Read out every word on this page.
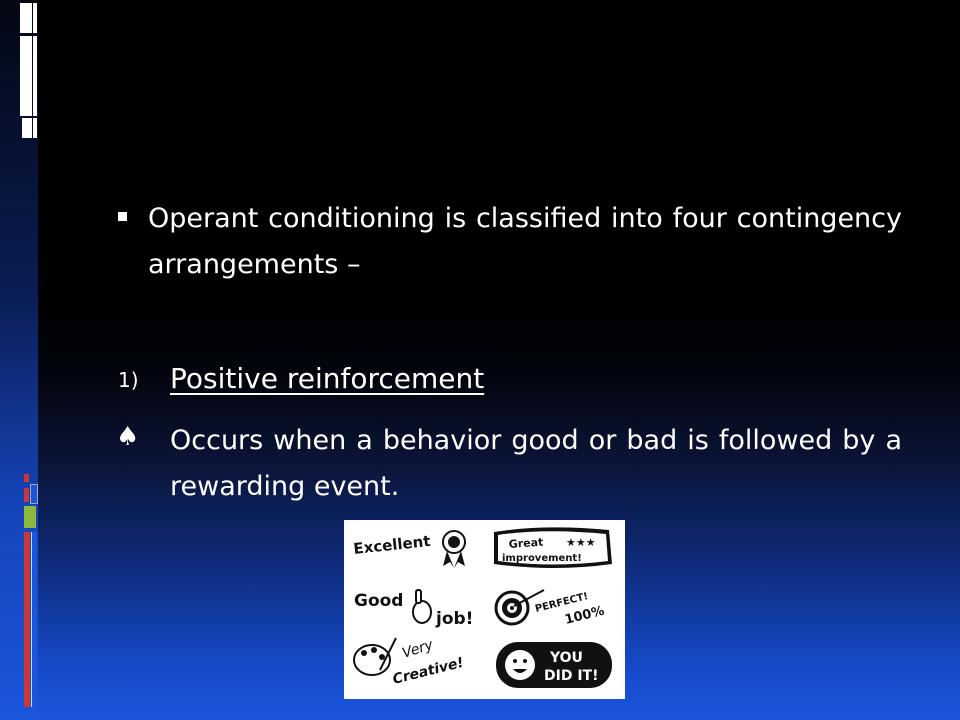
Operant conditioning is classified into four contingency arrangements –
1) Positive reinforcement
♠ Occurs when a behavior good or bad is followed by a rewarding event.
Excellent	Great
improvement!
★★★
Good
job!
PERFECT!
100%
Very
Creative!	YOU
DID IT!
